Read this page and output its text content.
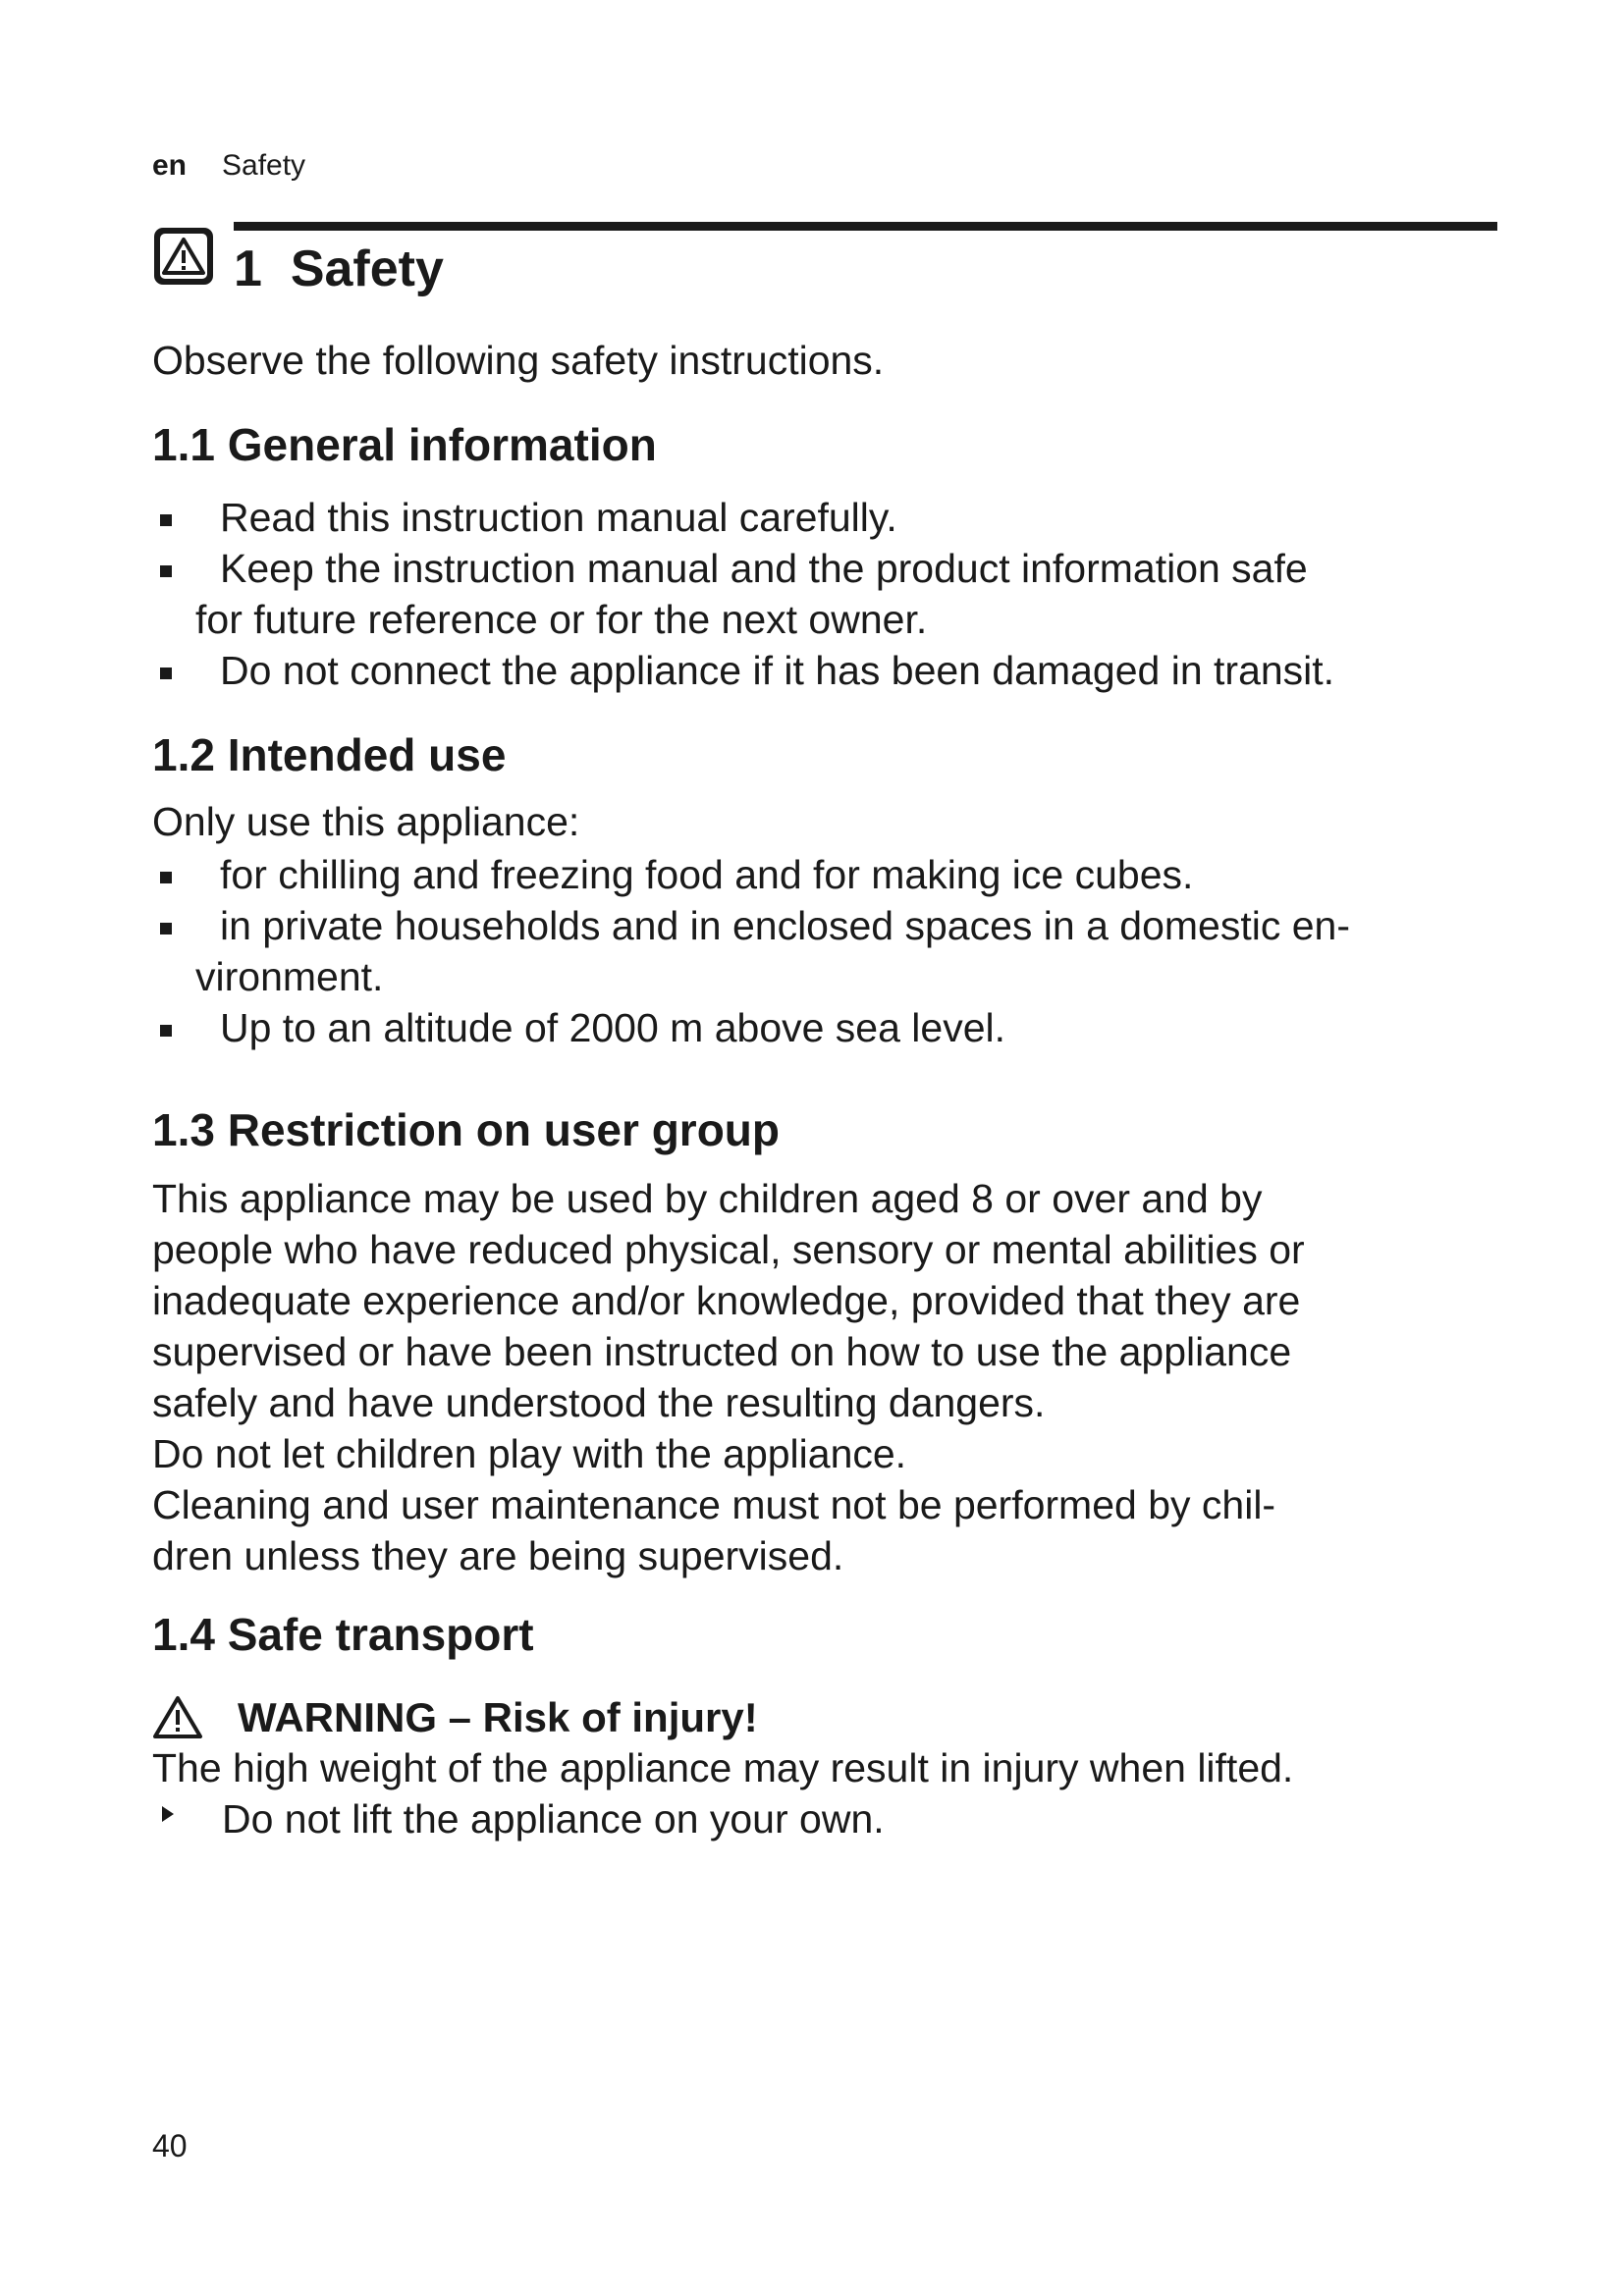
en Safety
1 Safety
Observe the following safety instructions.
1.1 General information
Read this instruction manual carefully.
Keep the instruction manual and the product information safe
for future reference or for the next owner.
Do not connect the appliance if it has been damaged in transit.
1.2 Intended use
Only use this appliance:
for chilling and freezing food and for making ice cubes.
in private households and in enclosed spaces in a domestic en-
vironment.
Up to an altitude of 2000 m above sea level.
1.3 Restriction on user group
This appliance may be used by children aged 8 or over and by
people who have reduced physical, sensory or mental abilities or
inadequate experience and/or knowledge, provided that they are
supervised or have been instructed on how to use the appliance
safely and have understood the resulting dangers.
Do not let children play with the appliance.
Cleaning and user maintenance must not be performed by chil-
dren unless they are being supervised.
1.4 Safe transport
WARNING – Risk of injury!
The high weight of the appliance may result in injury when lifted.
Do not lift the appliance on your own.
40
